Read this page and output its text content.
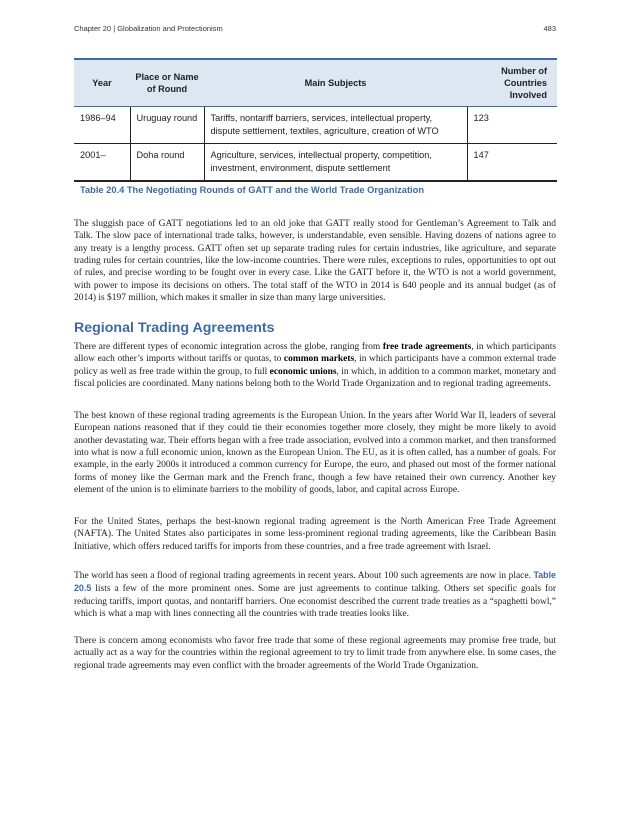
Chapter 20 | Globalization and Protectionism	483
Year	Place or Name of Round	Main Subjects	Number of Countries Involved
1986–94	Uruguay round	Tariffs, nontariff barriers, services, intellectual property, dispute settlement, textiles, agriculture, creation of WTO	123
2001–	Doha round	Agriculture, services, intellectual property, competition, investment, environment, dispute settlement	147
Table 20.4 The Negotiating Rounds of GATT and the World Trade Organization

The sluggish pace of GATT negotiations led to an old joke that GATT really stood for Gentleman’s Agreement to Talk and Talk. The slow pace of international trade talks, however, is understandable, even sensible. Having dozens of nations agree to any treaty is a lengthy process. GATT often set up separate trading rules for certain industries, like agriculture, and separate trading rules for certain countries, like the low-income countries. There were rules, exceptions to rules, opportunities to opt out of rules, and precise wording to be fought over in every case. Like the GATT before it, the WTO is not a world government, with power to impose its decisions on others. The total staff of the WTO in 2014 is 640 people and its annual budget (as of 2014) is $197 million, which makes it smaller in size than many large universities.

Regional Trading Agreements

There are different types of economic integration across the globe, ranging from free trade agreements, in which participants allow each other’s imports without tariffs or quotas, to common markets, in which participants have a common external trade policy as well as free trade within the group, to full economic unions, in which, in addition to a common market, monetary and fiscal policies are coordinated. Many nations belong both to the World Trade Organization and to regional trading agreements.

The best known of these regional trading agreements is the European Union. In the years after World War II, leaders of several European nations reasoned that if they could tie their economies together more closely, they might be more likely to avoid another devastating war. Their efforts began with a free trade association, evolved into a common market, and then transformed into what is now a full economic union, known as the European Union. The EU, as it is often called, has a number of goals. For example, in the early 2000s it introduced a common currency for Europe, the euro, and phased out most of the former national forms of money like the German mark and the French franc, though a few have retained their own currency. Another key element of the union is to eliminate barriers to the mobility of goods, labor, and capital across Europe.

For the United States, perhaps the best-known regional trading agreement is the North American Free Trade Agreement (NAFTA). The United States also participates in some less-prominent regional trading agreements, like the Caribbean Basin Initiative, which offers reduced tariffs for imports from these countries, and a free trade agreement with Israel.

The world has seen a flood of regional trading agreements in recent years. About 100 such agreements are now in place. Table 20.5 lists a few of the more prominent ones. Some are just agreements to continue talking. Others set specific goals for reducing tariffs, import quotas, and nontariff barriers. One economist described the current trade treaties as a “spaghetti bowl,” which is what a map with lines connecting all the countries with trade treaties looks like.

There is concern among economists who favor free trade that some of these regional agreements may promise free trade, but actually act as a way for the countries within the regional agreement to try to limit trade from anywhere else. In some cases, the regional trade agreements may even conflict with the broader agreements of the World Trade Organization.
